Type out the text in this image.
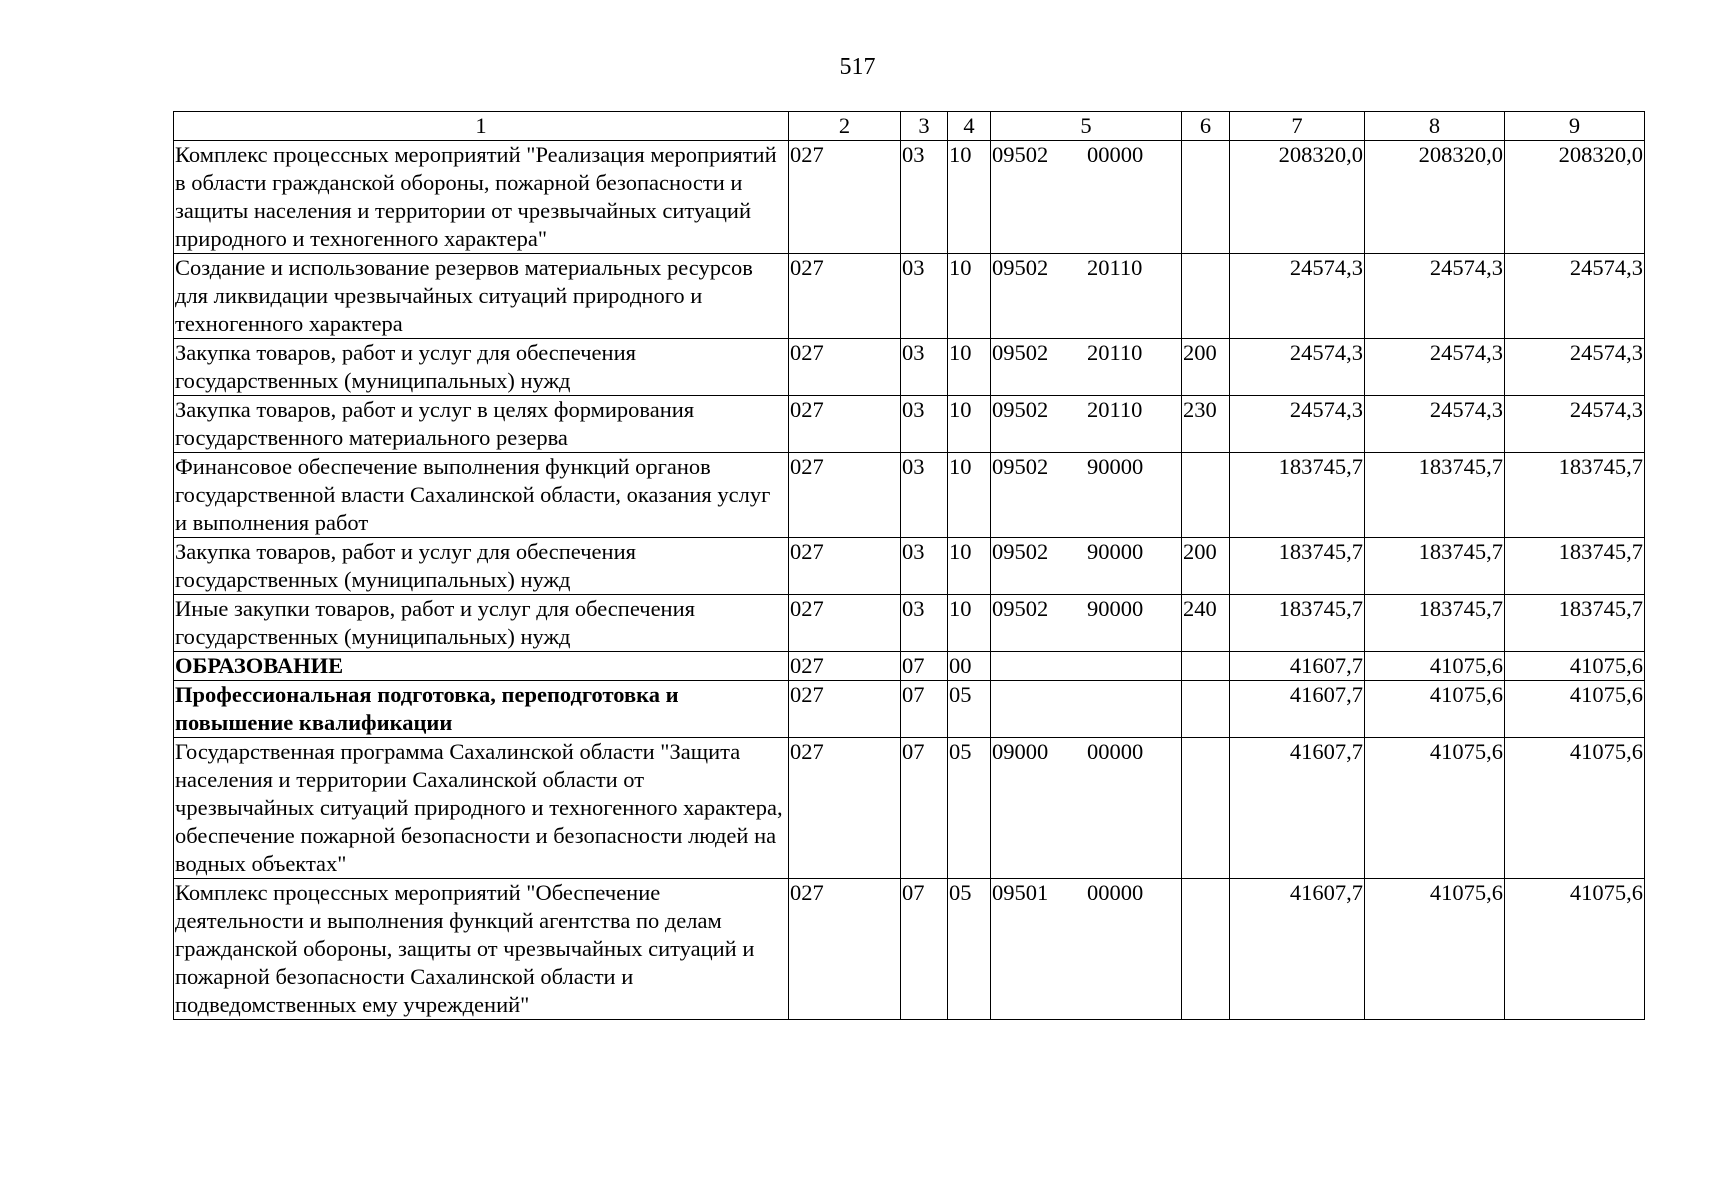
517
1	2	3	4	5	6	7	8	9
Комплекс процессных мероприятий "Реализация мероприятий в области гражданской обороны, пожарной безопасности и защиты населения и территории от чрезвычайных ситуаций природного и техногенного характера"	027	03	10	09502 00000		208320,0	208320,0	208320,0
Создание и использование резервов материальных ресурсов для ликвидации чрезвычайных ситуаций природного и техногенного характера	027	03	10	09502 20110		24574,3	24574,3	24574,3
Закупка товаров, работ и услуг для обеспечения государственных (муниципальных) нужд	027	03	10	09502 20110	200	24574,3	24574,3	24574,3
Закупка товаров, работ и услуг в целях формирования государственного материального резерва	027	03	10	09502 20110	230	24574,3	24574,3	24574,3
Финансовое обеспечение выполнения функций органов государственной власти Сахалинской области, оказания услуг и выполнения работ	027	03	10	09502 90000		183745,7	183745,7	183745,7
Закупка товаров, работ и услуг для обеспечения государственных (муниципальных) нужд	027	03	10	09502 90000	200	183745,7	183745,7	183745,7
Иные закупки товаров, работ и услуг для обеспечения государственных (муниципальных) нужд	027	03	10	09502 90000	240	183745,7	183745,7	183745,7
ОБРАЗОВАНИЕ	027	07	00			41607,7	41075,6	41075,6
Профессиональная подготовка, переподготовка и повышение квалификации	027	07	05			41607,7	41075,6	41075,6
Государственная программа Сахалинской области "Защита населения и территории Сахалинской области от чрезвычайных ситуаций природного и техногенного характера, обеспечение пожарной безопасности и безопасности людей на водных объектах"	027	07	05	09000 00000		41607,7	41075,6	41075,6
Комплекс процессных мероприятий "Обеспечение деятельности и выполнения функций агентства по делам гражданской обороны, защиты от чрезвычайных ситуаций и пожарной безопасности Сахалинской области и подведомственных ему учреждений"	027	07	05	09501 00000		41607,7	41075,6	41075,6
